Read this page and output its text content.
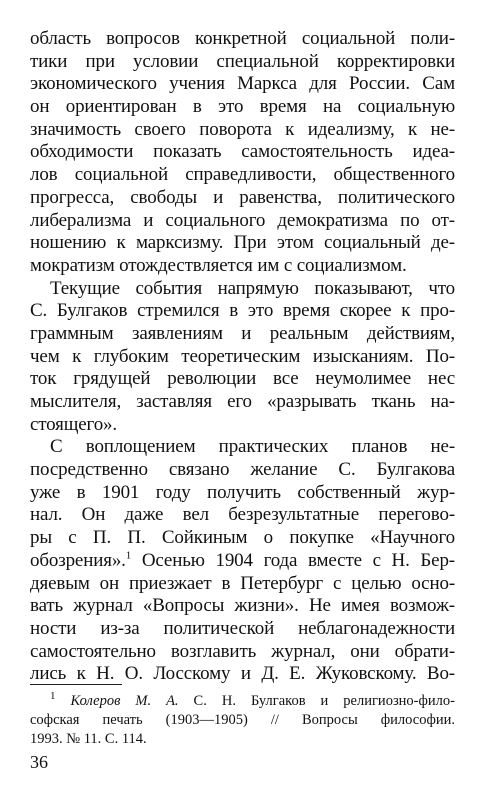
область вопросов конкретной социальной поли-
тики при условии специальной корректировки
экономического учения Маркса для России. Сам
он ориентирован в это время на социальную
значимость своего поворота к идеализму, к не-
обходимости показать самостоятельность идеа-
лов социальной справедливости, общественного
прогресса, свободы и равенства, политического
либерализма и социального демократизма по от-
ношению к марксизму. При этом социальный де-
мократизм отождествляется им с социализмом.
Текущие события напрямую показывают, что
С. Булгаков стремился в это время скорее к про-
граммным заявлениям и реальным действиям,
чем к глубоким теоретическим изысканиям. По-
ток грядущей революции все неумолимее нес
мыслителя, заставляя его «разрывать ткань на-
стоящего».
С воплощением практических планов не-
посредственно связано желание С. Булгакова
уже в 1901 году получить собственный жур-
нал. Он даже вел безрезультатные перегово-
ры с П. П. Сойкиным о покупке «Научного
обозрения».$^1$ Осенью 1904 года вместе с Н. Бер-
дяевым он приезжает в Петербург с целью осно-
вать журнал «Вопросы жизни». Не имея возмож-
ности из-за политической неблагонадежности
самостоятельно возглавить журнал, они обрати-
лись к Н. О. Лосскому и Д. Е. Жуковскому. Во-
$^1$ Колеров М. А. С. Н. Булгаков и религиозно-фило-
софская печать (1903—1905) // Вопросы философии.
1993. № 11. С. 114.
36
